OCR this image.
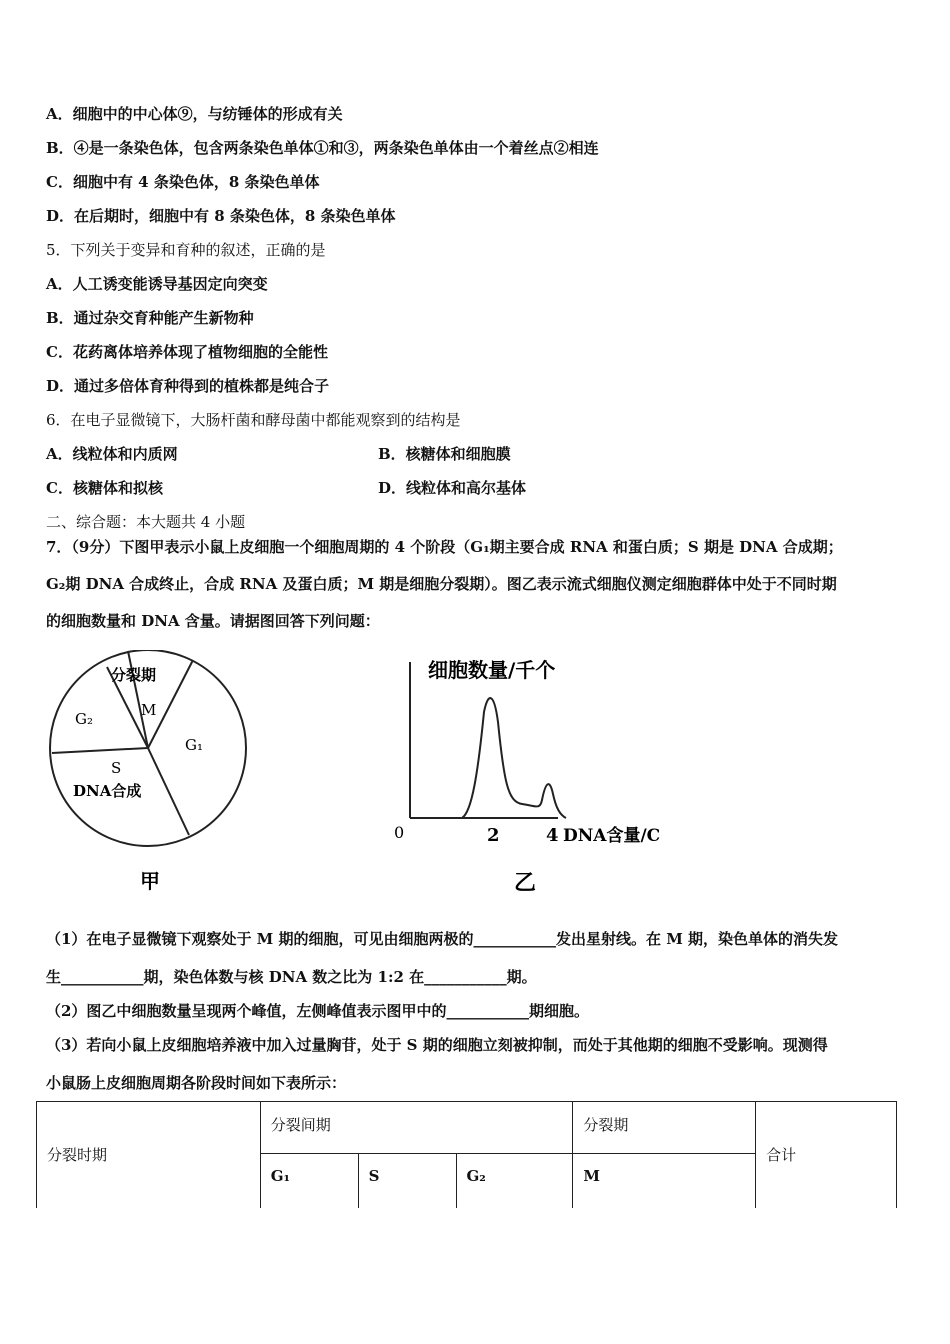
A．细胞中的中心体⑨，与纺锤体的形成有关
B．④是一条染色体，包含两条染色单体①和③，两条染色单体由一个着丝点②相连
C．细胞中有 4 条染色体，8 条染色单体
D．在后期时，细胞中有 8 条染色体，8 条染色单体
5．下列关于变异和育种的叙述，正确的是
A．人工诱变能诱导基因定向突变
B．通过杂交育种能产生新物种
C．花药离体培养体现了植物细胞的全能性
D．通过多倍体育种得到的植株都是纯合子
6．在电子显微镜下，大肠杆菌和酵母菌中都能观察到的结构是
A．线粒体和内质网	B．核糖体和细胞膜
C．核糖体和拟核	D．线粒体和高尔基体
二、综合题：本大题共 4 小题
7．（9分）下图甲表示小鼠上皮细胞一个细胞周期的 4 个阶段（G₁期主要合成 RNA 和蛋白质；S 期是 DNA 合成期；
G₂期 DNA 合成终止，合成 RNA 及蛋白质；M 期是细胞分裂期）。图乙表示流式细胞仪测定细胞群体中处于不同时期
的细胞数量和 DNA 含量。请据图回答下列问题：
分裂期
M
G₂
G₁
S
DNA合成
甲
细胞数量/千个
0	2	4 DNA含量/C
乙
（1）在电子显微镜下观察处于 M 期的细胞，可见由细胞两极的___________发出星射线。在 M 期，染色单体的消失发
生___________期，染色体数与核 DNA 数之比为 1:2 在___________期。
（2）图乙中细胞数量呈现两个峰值，左侧峰值表示图甲中的___________期细胞。
（3）若向小鼠上皮细胞培养液中加入过量胸苷，处于 S 期的细胞立刻被抑制，而处于其他期的细胞不受影响。现测得
小鼠肠上皮细胞周期各阶段时间如下表所示：
分裂时期	分裂间期			分裂期	合计
	G₁	S	G₂	M	
